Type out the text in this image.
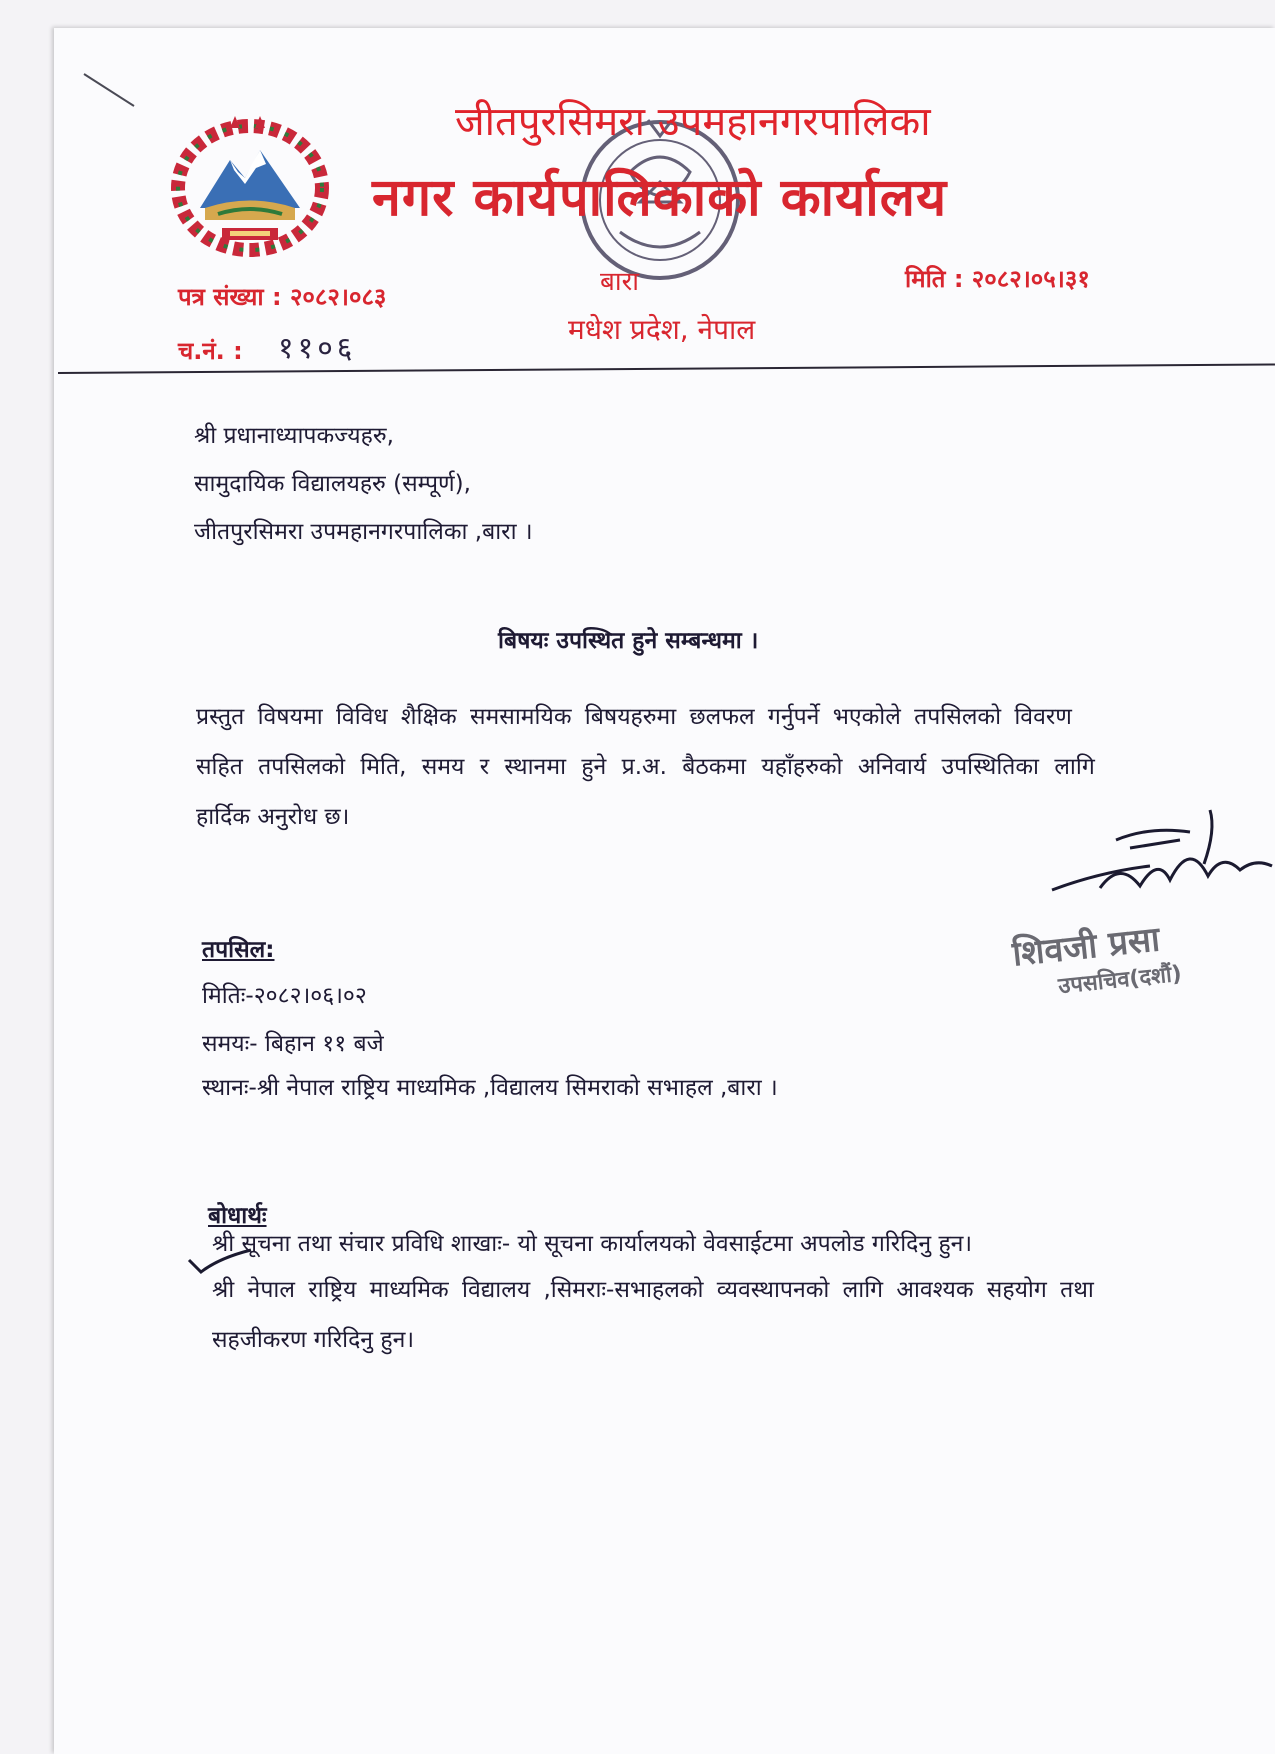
जीतपुरसिमरा उपमहानगरपालिका
नगर कार्यपालिकाको कार्यालय
बारा
मधेश प्रदेश, नेपाल
पत्र संख्या : २०८२।०८३
च.नं. : ११०६
मिति : २०८२।०५।३१
श्री प्रधानाध्यापकज्यहरु,
सामुदायिक विद्यालयहरु (सम्पूर्ण),
जीतपुरसिमरा उपमहानगरपालिका ,बारा ।
बिषयः उपस्थित हुने सम्बन्धमा ।
प्रस्तुत विषयमा विविध शैक्षिक समसामयिक बिषयहरुमा छलफल गर्नुपर्ने भएकोले तपसिलको विवरण
सहित तपसिलको मिति, समय र स्थानमा हुने प्र.अ. बैठकमा यहाँहरुको अनिवार्य उपस्थितिका लागि
हार्दिक अनुरोध छ।
शिवजी प्रसा
उपसचिव(दशौं)
तपसिल:
मितिः-२०८२।०६।०२
समयः- बिहान ११ बजे
स्थानः-श्री नेपाल राष्ट्रिय माध्यमिक ,विद्यालय सिमराको सभाहल ,बारा ।
बोधार्थः
श्री सूचना तथा संचार प्रविधि शाखाः- यो सूचना कार्यालयको वेवसाईटमा अपलोड गरिदिनु हुन।
श्री नेपाल राष्ट्रिय माध्यमिक विद्यालय ,सिमराः-सभाहलको व्यवस्थापनको लागि आवश्यक सहयोग तथा
सहजीकरण गरिदिनु हुन।
